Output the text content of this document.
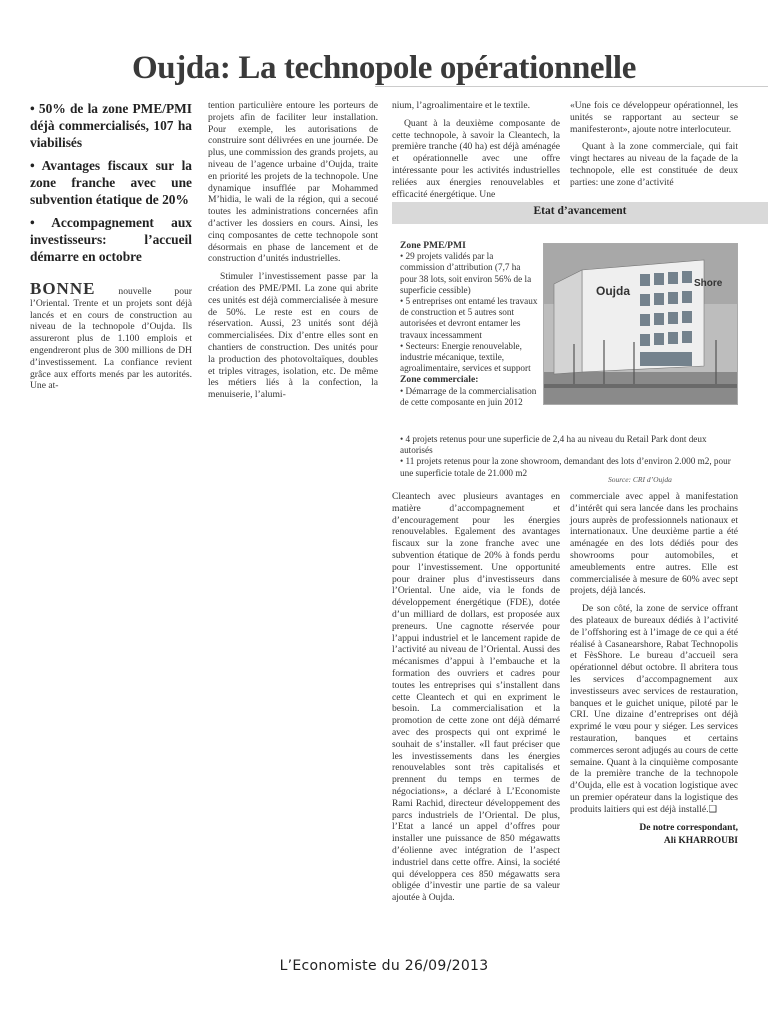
Oujda: La technopole opérationnelle

• 50% de la zone PME/PMI déjà commercialisés, 107 ha viabilisés

• Avantages fiscaux sur la zone franche avec une subvention étatique de 20%

• Accompagnement aux investisseurs: l’accueil démarre en octobre

BONNE nouvelle pour l’Oriental. Trente et un projets sont déjà lancés et en cours de construction au niveau de la technopole d’Oujda. Ils assureront plus de 1.100 emplois et engendreront plus de 300 millions de DH d’investissement. La confiance revient grâce aux efforts menés par les autorités. Une at-

tention particulière entoure les porteurs de projets afin de faciliter leur installation. Pour exemple, les autorisations de construire sont délivrées en une journée. De plus, une commission des grands projets, au niveau de l’agence urbaine d’Oujda, traite en priorité les projets de la technopole. Une dynamique insufflée par Mohammed M’hidia, le wali de la région, qui a secoué toutes les administrations concernées afin d’activer les dossiers en cours. Ainsi, les cinq composantes de cette technopole sont désormais en phase de lancement et de construction d’unités industrielles.

Stimuler l’investissement passe par la création des PME/PMI. La zone qui abrite ces unités est déjà commercialisée à mesure de 50%. Le reste est en cours de réservation. Aussi, 23 unités sont déjà commercialisées. Dix d’entre elles sont en chantiers de construction. Des unités pour la production des photovoltaïques, doubles et triples vitrages, isolation, etc. De même les métiers liés à la confection, la menuiserie, l’alumi-

nium, l’agroalimentaire et le textile.

Quant à la deuxième composante de cette technopole, à savoir la Cleantech, la première tranche (40 ha) est déjà aménagée et opérationnelle avec une offre intéressante pour les activités industrielles reliées aux énergies renouvelables et efficacité énergétique. Une

«Une fois ce développeur opérationnel, les unités se rapportant au secteur se manifesteront», ajoute notre interlocuteur.

Quant à la zone commerciale, qui fait vingt hectares au niveau de la façade de la technopole, elle est constituée de deux parties: une zone d’activité

Etat d’avancement

Zone PME/PMI

• 29 projets validés par la commission d’attribution (7,7 ha pour 38 lots, soit environ 56% de la superficie cessible)

• 5 entreprises ont entamé les travaux de construction et 5 autres sont autorisées et devront entamer les travaux incessamment

• Secteurs: Energie renouvelable, industrie mécanique, textile, agroalimentaire, services et support

Zone commerciale:

• Démarrage de la commercialisation de cette composante en juin 2012

• 4 projets retenus pour une superficie de 2,4 ha au niveau du Retail Park dont deux autorisés

• 11 projets retenus pour la zone showroom, demandant des lots d’environ 2.000 m2, pour une superficie totale de 21.000 m2

Source: CRI d’Oujda
Oujda
Shore

Cleantech avec plusieurs avantages en matière d’accompagnement et d’encouragement pour les énergies renouvelables. Egalement des avantages fiscaux sur la zone franche avec une subvention étatique de 20% à fonds perdu pour l’investissement. Une opportunité pour drainer plus d’investisseurs dans l’Oriental. Une aide, via le fonds de développement énergétique (FDE), dotée d’un milliard de dollars, est proposée aux preneurs. Une cagnotte réservée pour l’appui industriel et le lancement rapide de l’activité au niveau de l’Oriental. Aussi des mécanismes d’appui à l’embauche et la formation des ouvriers et cadres pour toutes les entreprises qui s’installent dans cette Cleantech et qui en expriment le besoin. La commercialisation et la promotion de cette zone ont déjà démarré avec des prospects qui ont exprimé le souhait de s’installer. «Il faut préciser que les investissements dans les énergies renouvelables sont très capitalisés et prennent du temps en termes de négociations», a déclaré à L’Economiste Rami Rachid, directeur développement des parcs industriels de l’Oriental. De plus, l’Etat a lancé un appel d’offres pour installer une puissance de 850 mégawatts d’éolienne avec intégration de l’aspect industriel dans cette offre. Ainsi, la société qui développera ces 850 mégawatts sera obligée d’investir une partie de sa valeur ajoutée à Oujda.

commerciale avec appel à manifestation d’intérêt qui sera lancée dans les prochains jours auprès de professionnels nationaux et internationaux. Une deuxième partie a été aménagée en des lots dédiés pour des showrooms pour automobiles, et ameublements entre autres. Elle est commercialisée à mesure de 60% avec sept projets, déjà lancés.

De son côté, la zone de service offrant des plateaux de bureaux dédiés à l’activité de l’offshoring est à l’image de ce qui a été réalisé à Casanearshore, Rabat Technopolis et FèsShore. Le bureau d’accueil sera opérationnel début octobre. Il abritera tous les services d’accompagnement aux investisseurs avec services de restauration, banques et le guichet unique, piloté par le CRI. Une dizaine d’entreprises ont déjà exprimé le vœu pour y siéger. Les services restauration, banques et certains commerces seront adjugés au cours de cette semaine. Quant à la cinquième composante de la première tranche de la technopole d’Oujda, elle est à vocation logistique avec un premier opérateur dans la logistique des produits laitiers qui est déjà installé.❑

De notre correspondant,
Ali KHARROUBI
L’Economiste du 26/09/2013
